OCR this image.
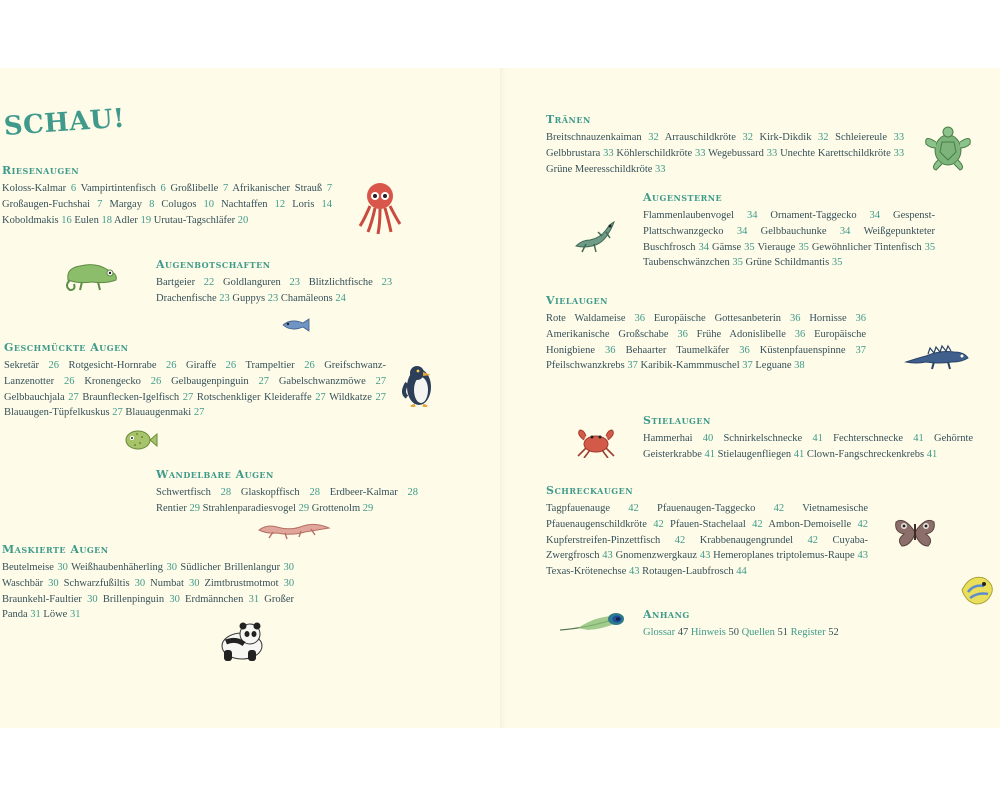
SCHAU!
Riesenaugen
Koloss-Kalmar 6 Vampirtintenfisch 6 Großlibelle 7 Afrikanischer Strauß 7 Großaugen-Fuchshai 7 Margay 8 Colugos 10 Nachtaffen 12 Loris 14 Koboldmakis 16 Eulen 18 Adler 19 Urutau-Tagschläfer 20
Augenbotschaften
Bartgeier 22 Goldlanguren 23 Blitzlichtfische 23 Drachenfische 23 Guppys 23 Chamäleons 24
Geschmückte Augen
Sekretär 26 Rotgesicht-Hornrabe 26 Giraffe 26 Trampeltier 26 Greifschwanz-Lanzenotter 26 Kronengecko 26 Gelbaugenpinguin 27 Gabelschwanzmöwe 27 Gelbbauchjala 27 Braunflecken-Igelfisch 27 Rotschenkliger Kleideraffe 27 Wildkatze 27 Blauaugen-Tüpfelkuskus 27 Blauaugenmaki 27
Wandelbare Augen
Schwertfisch 28 Glaskopffisch 28 Erdbeer-Kalmar 28 Rentier 29 Strahlenparadiesvogel 29 Grottenolm 29
Maskierte Augen
Beutelmeise 30 Weißhaubenhäherling 30 Südlicher Brillenlangur 30 Waschbär 30 Schwarzfußiltis 30 Numbat 30 Zimtbrustmotmot 30 Braunkehl-Faultier 30 Brillenpinguin 30 Erdmännchen 31 Großer Panda 31 Löwe 31
Tränen
Breitschnauzenkaiman 32 Arrauschildkröte 32 Kirk-Dikdik 32 Schleiereule 33 Gelbbrustara 33 Köhlerschildkröte 33 Wegebussard 33 Unechte Karettschildkröte 33 Grüne Meeresschildkröte 33
Augensterne
Flammenlaubenvogel 34 Ornament-Taggecko 34 Gespenst-Plattschwanzgecko 34 Gelbbauchunke 34 Weißgepunkteter Buschfrosch 34 Gämse 35 Vierauge 35 Gewöhnlicher Tintenfisch 35 Taubenschwänzchen 35 Grüne Schildmantis 35
Vielaugen
Rote Waldameise 36 Europäische Gottesanbeterin 36 Hornisse 36 Amerikanische Großschabe 36 Frühe Adonislibelle 36 Europäische Honigbiene 36 Behaarter Taumelkäfer 36 Küstenpfauenspinne 37 Pfeilschwanzkrebs 37 Karibik-Kammmuschel 37 Leguane 38
Stielaugen
Hammerhai 40 Schnirkelschnecke 41 Fechterschnecke 41 Gehörnte Geisterkrabbe 41 Stielaugenfliegen 41 Clown-Fangschreckenkrebs 41
Schreckaugen
Tagpfauenauge 42 Pfauenaugen-Taggecko 42 Vietnamesische Pfauenaugenschildkröte 42 Pfauen-Stachelaal 42 Ambon-Demoiselle 42 Kupferstreifen-Pinzettfisch 42 Krabbenaugengrundel 42 Cuyaba-Zwergfrosch 43 Gnomenzwergkauz 43 Hemeroplanes triptolemus-Raupe 43 Texas-Krötenechse 43 Rotaugen-Laubfrosch 44
Anhang
Glossar 47 Hinweis 50 Quellen 51 Register 52
